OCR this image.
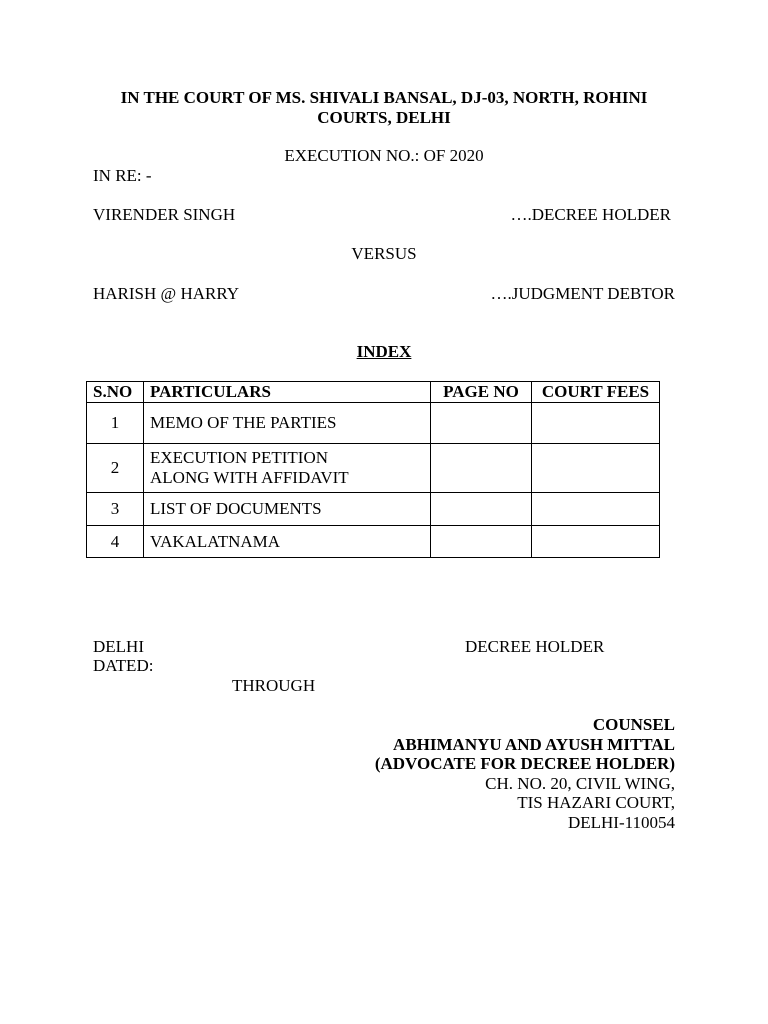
IN THE COURT OF MS. SHIVALI BANSAL, DJ-03, NORTH, ROHINI COURTS, DELHI
EXECUTION NO.: OF 2020
IN RE: -
VIRENDER SINGH	….DECREE HOLDER
VERSUS
HARISH @ HARRY	….JUDGMENT DEBTOR
INDEX
S.NO	PARTICULARS	PAGE NO	COURT FEES
1	MEMO OF THE PARTIES		
2	EXECUTION PETITION ALONG WITH AFFIDAVIT		
3	LIST OF DOCUMENTS		
4	VAKALATNAMA		
DELHI	DECREE HOLDER
DATED:
THROUGH
COUNSEL
ABHIMANYU AND AYUSH MITTAL
(ADVOCATE FOR DECREE HOLDER)
CH. NO. 20, CIVIL WING,
TIS HAZARI COURT,
DELHI-110054
